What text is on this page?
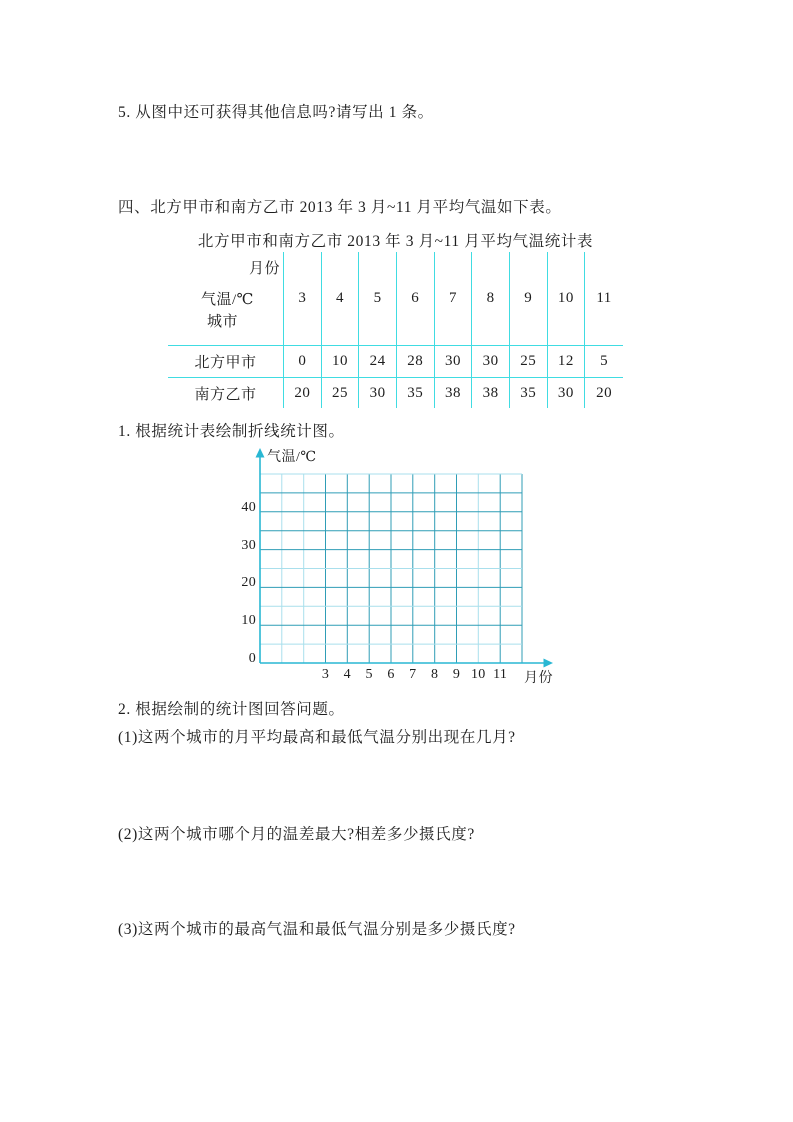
5. 从图中还可获得其他信息吗?请写出 1 条。
四、北方甲市和南方乙市 2013 年 3 月~11 月平均气温如下表。
北方甲市和南方乙市 2013 年 3 月~11 月平均气温统计表
月份
气温/℃
城市
3	4	5	6	7	8	9	10	11
北方甲市	0	10	24	28	30	30	25	12	5
南方乙市	20	25	30	35	38	38	35	30	20
1. 根据统计表绘制折线统计图。
气温/℃
月份
0
10
20
30
40
3	4	5	6	7	8	9 10 11
2. 根据绘制的统计图回答问题。
(1)这两个城市的月平均最高和最低气温分别出现在几月?
(2)这两个城市哪个月的温差最大?相差多少摄氏度?
(3)这两个城市的最高气温和最低气温分别是多少摄氏度?
